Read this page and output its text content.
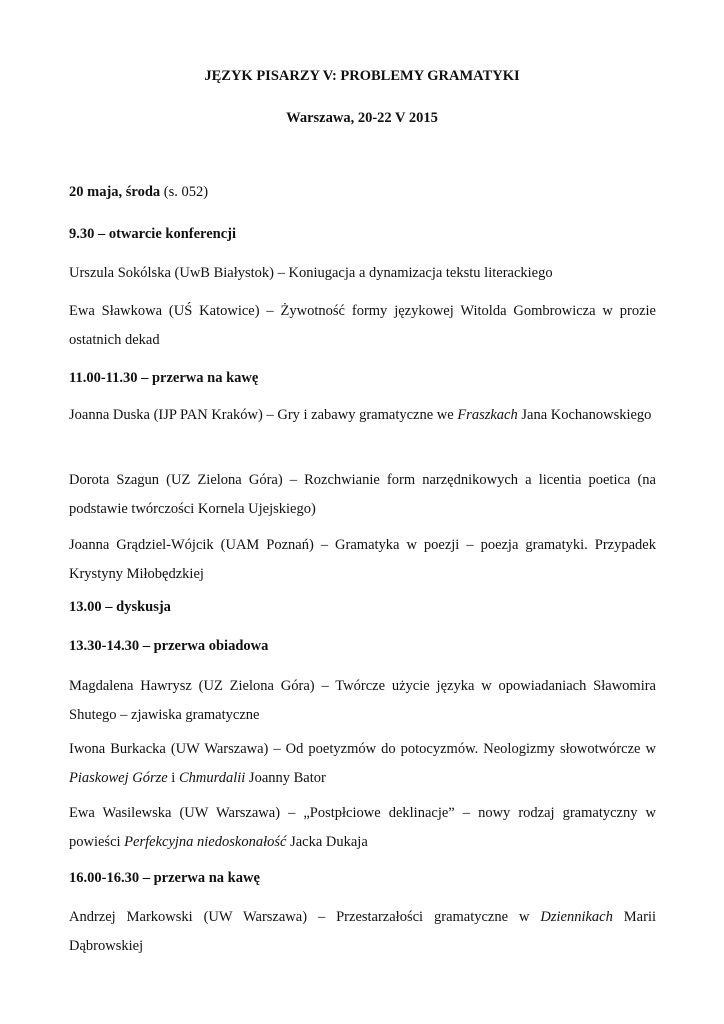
JĘZYK PISARZY V: PROBLEMY GRAMATYKI
Warszawa, 20-22 V 2015
20 maja, środa (s. 052)
9.30 – otwarcie konferencji
Urszula Sokólska (UwB Białystok) – Koniugacja a dynamizacja tekstu literackiego
Ewa Sławkowa (UŚ Katowice) – Żywotność formy językowej Witolda Gombrowicza w prozie ostatnich dekad
11.00-11.30 – przerwa na kawę
Joanna Duska (IJP PAN Kraków) – Gry i zabawy gramatyczne we Fraszkach Jana Kochanowskiego
Dorota Szagun (UZ Zielona Góra) – Rozchwianie form narzędnikowych a licentia poetica (na podstawie twórczości Kornela Ujejskiego)
Joanna Grądziel-Wójcik (UAM Poznań) – Gramatyka w poezji – poezja gramatyki. Przypadek Krystyny Miłobędzkiej
13.00 – dyskusja
13.30-14.30 – przerwa obiadowa
Magdalena Hawrysz (UZ Zielona Góra) – Twórcze użycie języka w opowiadaniach Sławomira Shutego – zjawiska gramatyczne
Iwona Burkacka (UW Warszawa) – Od poetyzmów do potocyzmów. Neologizmy słowotwórcze w Piaskowej Górze i Chmurdalii Joanny Bator
Ewa Wasilewska (UW Warszawa) – „Postpłciowe deklinacje” – nowy rodzaj gramatyczny w powieści Perfekcyjna niedoskonałość Jacka Dukaja
16.00-16.30 – przerwa na kawę
Andrzej Markowski (UW Warszawa) – Przestarzałości gramatyczne w Dziennikach Marii Dąbrowskiej
